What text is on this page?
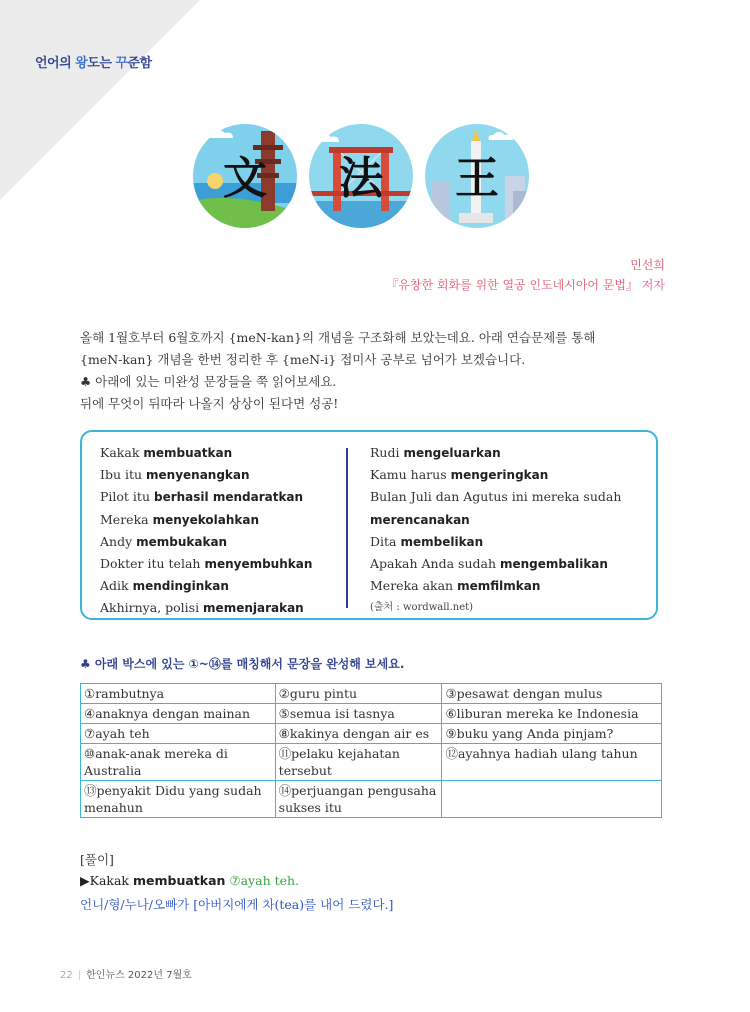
언어의 왕도는 꾸준함
文 法 王
민선희
『유창한 회화를 위한 열공 인도네시아어 문법』 저자

올해 1월호부터 6월호까지 {meN-kan}의 개념을 구조화해 보았는데요. 아래 연습문제를 통해

{meN-kan} 개념을 한번 정리한 후 {meN-i} 접미사 공부로 넘어가 보겠습니다.

♣ 아래에 있는 미완성 문장들을 쭉 읽어보세요.

뒤에 무엇이 뒤따라 나올지 상상이 된다면 성공!

Kakak membuatkan
Ibu itu menyenangkan
Pilot itu berhasil mendaratkan
Mereka menyekolahkan
Andy membukakan
Dokter itu telah menyembuhkan
Adik mendinginkan
Akhirnya, polisi memenjarakan
Rudi mengeluarkan
Kamu harus mengeringkan
Bulan Juli dan Agutus ini mereka sudah
merencanakan
Dita membelikan
Apakah Anda sudah mengembalikan
Mereka akan memfilmkan
(출처 : wordwall.net)
♣ 아래 박스에 있는 ①~⑭를 매칭해서 문장을 완성해 보세요.
①rambutnya	②guru pintu	③pesawat dengan mulus
④anaknya dengan mainan	⑤semua isi tasnya	⑥liburan mereka ke Indonesia
⑦ayah teh	⑧kakinya dengan air es	⑨buku yang Anda pinjam?
⑩anak-anak mereka di Australia	⑪pelaku kejahatan tersebut	⑫ayahnya hadiah ulang tahun
⑬penyakit Didu yang sudah menahun	⑭perjuangan pengusaha sukses itu	
[풀이]
▶Kakak membuatkan ⑦ayah teh.
언니/형/누나/오빠가 [아버지에게 차(tea)를 내어 드렸다.]
22 | 한인뉴스 2022년 7월호
